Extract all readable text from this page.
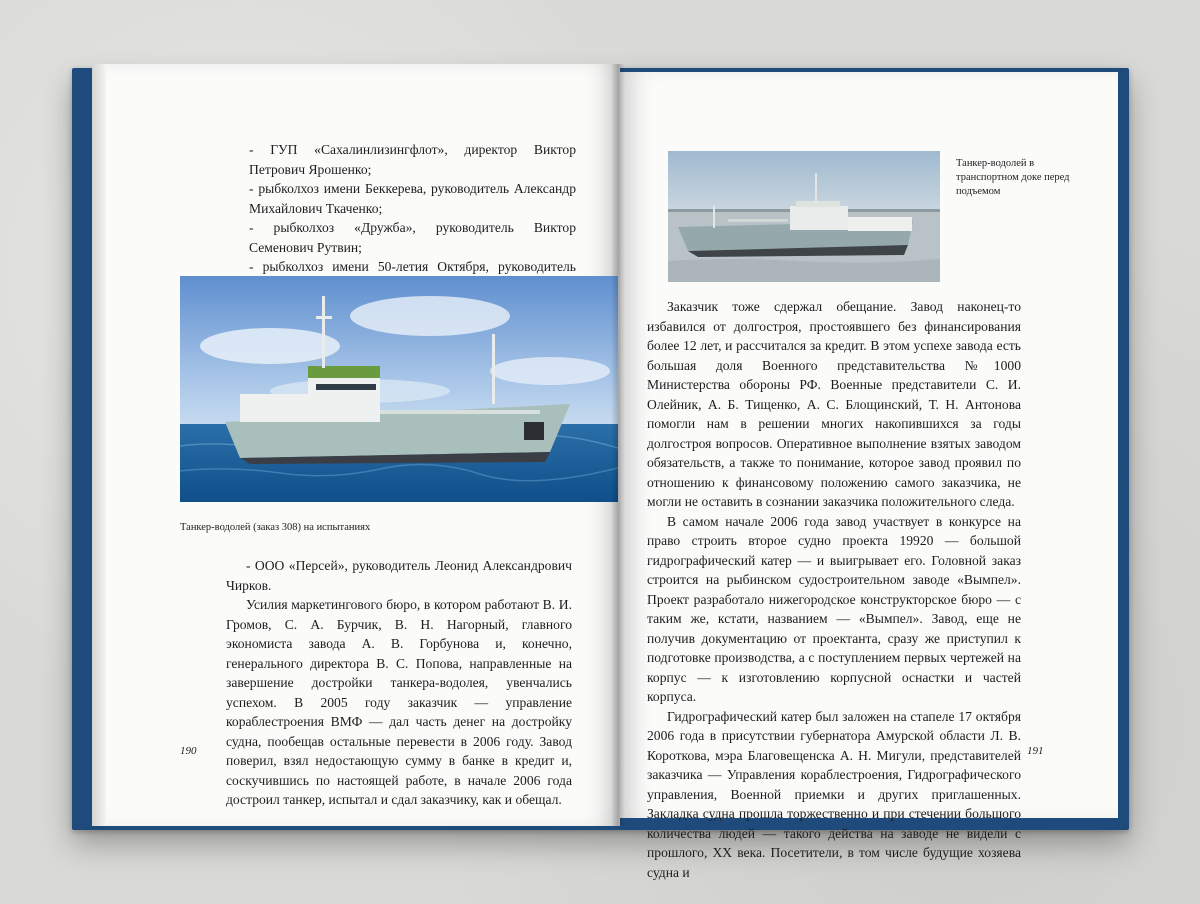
- ГУП «Сахалинлизингфлот», директор Виктор Петрович Ярошенко;

- рыбколхоз имени Беккерева, руководитель Александр Михайлович Ткаченко;

- рыбколхоз «Дружба», руководитель Виктор Семенович Рутвин;

- рыбколхоз имени 50-летия Октября, руководитель

Танкер-водолей (заказ 308) на испытаниях

- ООО «Персей», руководитель Леонид Александрович Чирков.

Усилия маркетингового бюро, в котором работают В. И. Громов, С. А. Бурчик, В. Н. Нагорный, главного экономиста завода А. В. Горбунова и, конечно, генерального директора В. С. Попова, направленные на завершение достройки танкера-водолея, увенчались успехом. В 2005 году заказчик — управление кораблестроения ВМФ — дал часть денег на достройку судна, пообещав остальные перевести в 2006 году. Завод поверил, взял недостающую сумму в банке в кредит и, соскучившись по настоящей работе, в начале 2006 года достроил танкер, испытал и сдал заказчику, как и обещал.

190
Танкер-водолей в транспортном доке перед подъемом

Заказчик тоже сдержал обещание. Завод наконец-то избавился от долгостроя, простоявшего без финансирования более 12 лет, и рассчитался за кредит. В этом успехе завода есть большая доля Военного представительства №1000 Министерства обороны РФ. Военные представители С. И. Олейник, А. Б. Тищенко, А. С. Блощинский, Т. Н. Антонова помогли нам в решении многих накопившихся за годы долгостроя вопросов. Оперативное выполнение взятых заводом обязательств, а также то понимание, которое завод проявил по отношению к финансовому положению самого заказчика, не могли не оставить в сознании заказчика положительного следа.

В самом начале 2006 года завод участвует в конкурсе на право строить второе судно проекта 19920 — большой гидрографический катер — и выигрывает его. Головной заказ строится на рыбинском судостроительном заводе «Вымпел». Проект разработало нижегородское конструкторское бюро — с таким же, кстати, названием — «Вымпел». Завод, еще не получив документацию от проектанта, сразу же приступил к подготовке производства, а с поступлением первых чертежей на корпус — к изготовлению корпусной оснастки и частей корпуса.

Гидрографический катер был заложен на стапеле 17 октября 2006 года в присутствии губернатора Амурской области Л. В. Короткова, мэра Благовещенска А. Н. Мигули, представителей заказчика — Управления кораблестроения, Гидрографического управления, Военной приемки и других приглашенных. Закладка судна прошла торжественно и при стечении большого количества людей — такого действа на заводе не видели с прошлого, XX века. Посетители, в том числе будущие хозяева судна и

191
